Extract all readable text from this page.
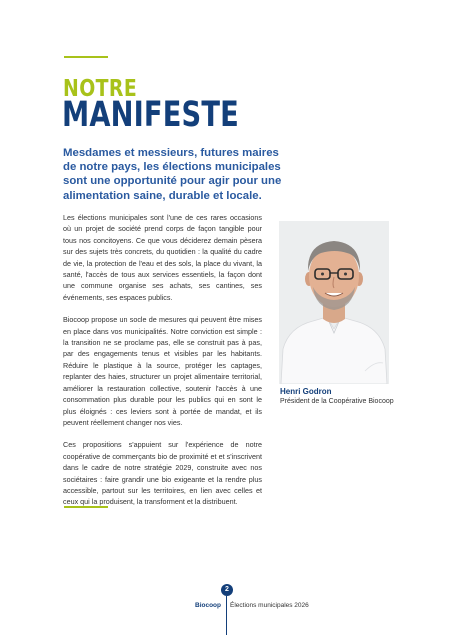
NOTRE
MANIFESTE
Mesdames et messieurs, futures maires de notre pays, les élections municipales sont une opportunité pour agir pour une alimentation saine, durable et locale.

Les élections municipales sont l'une de ces rares occasions où un projet de société prend corps de façon tangible pour tous nos concitoyens. Ce que vous déciderez demain pèsera sur des sujets très concrets, du quotidien : la qualité du cadre de vie, la protection de l'eau et des sols, la place du vivant, la santé, l'accès de tous aux services essentiels, la façon dont une commune organise ses achats, ses cantines, ses événements, ses espaces publics.

Biocoop propose un socle de mesures qui peuvent être mises en place dans vos municipalités. Notre conviction est simple : la transition ne se proclame pas, elle se construit pas à pas, par des engagements tenus et visibles par les habitants. Réduire le plastique à la source, protéger les captages, replanter des haies, structurer un projet alimentaire territorial, améliorer la restauration collective, soutenir l'accès à une consommation plus durable pour les publics qui en sont le plus éloignés : ces leviers sont à portée de mandat, et ils peuvent réellement changer nos vies.

Ces propositions s'appuient sur l'expérience de notre coopérative de commerçants bio de proximité et et s'inscrivent dans le cadre de notre stratégie 2029, construite avec nos sociétaires : faire grandir une bio exigeante et la rendre plus accessible, partout sur les territoires, en lien avec celles et ceux qui la produisent, la transforment et la distribuent.

Henri Godron
Président de la Coopérative Biocoop
2
Biocoop Élections municipales 2026
